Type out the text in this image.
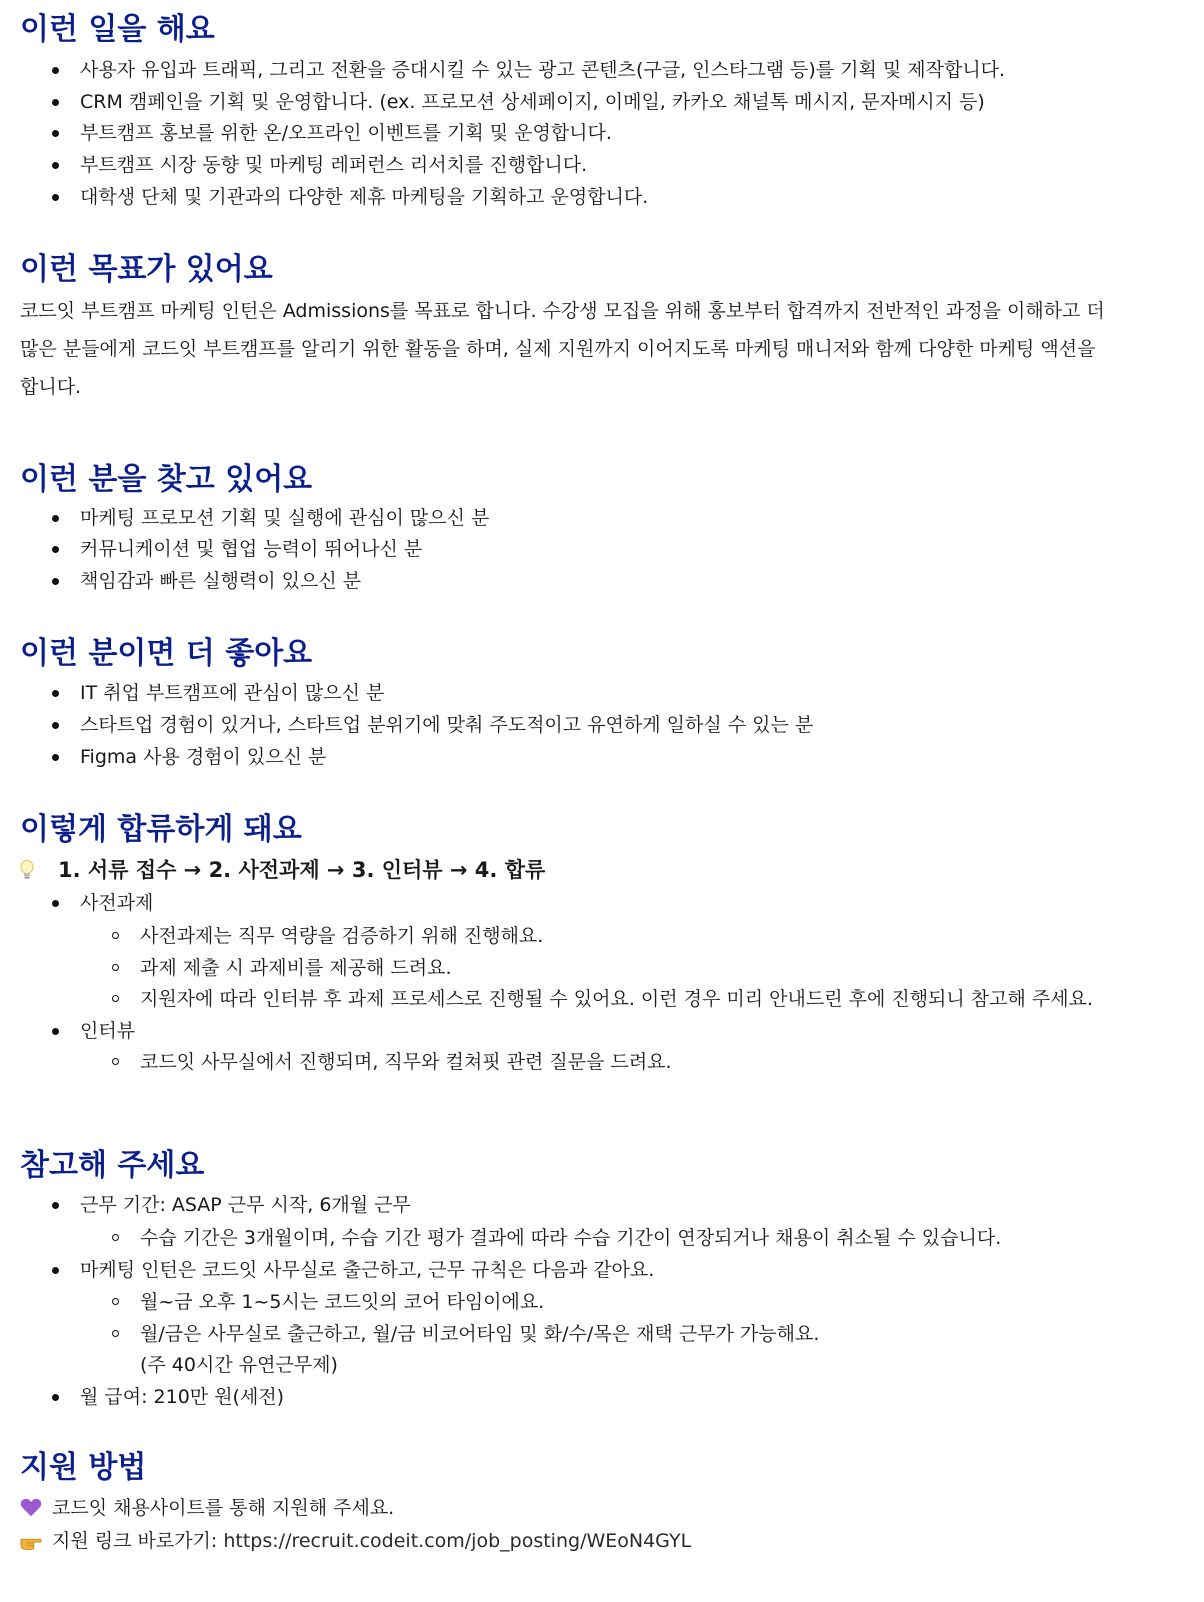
이런 일을 해요
사용자 유입과 트래픽, 그리고 전환을 증대시킬 수 있는 광고 콘텐츠(구글, 인스타그램 등)를 기획 및 제작합니다.
CRM 캠페인을 기획 및 운영합니다. (ex. 프로모션 상세페이지, 이메일, 카카오 채널톡 메시지, 문자메시지 등)
부트캠프 홍보를 위한 온/오프라인 이벤트를 기획 및 운영합니다.
부트캠프 시장 동향 및 마케팅 레퍼런스 리서치를 진행합니다.
대학생 단체 및 기관과의 다양한 제휴 마케팅을 기획하고 운영합니다.
이런 목표가 있어요
코드잇 부트캠프 마케팅 인턴은 Admissions를 목표로 합니다. 수강생 모집을 위해 홍보부터 합격까지 전반적인 과정을 이해하고 더
많은 분들에게 코드잇 부트캠프를 알리기 위한 활동을 하며, 실제 지원까지 이어지도록 마케팅 매니저와 함께 다양한 마케팅 액션을
합니다.
이런 분을 찾고 있어요
마케팅 프로모션 기획 및 실행에 관심이 많으신 분
커뮤니케이션 및 협업 능력이 뛰어나신 분
책임감과 빠른 실행력이 있으신 분
이런 분이면 더 좋아요
IT 취업 부트캠프에 관심이 많으신 분
스타트업 경험이 있거나, 스타트업 분위기에 맞춰 주도적이고 유연하게 일하실 수 있는 분
Figma 사용 경험이 있으신 분
이렇게 합류하게 돼요
1. 서류 접수 → 2. 사전과제 → 3. 인터뷰 → 4. 합류
사전과제
사전과제는 직무 역량을 검증하기 위해 진행해요.
과제 제출 시 과제비를 제공해 드려요.
지원자에 따라 인터뷰 후 과제 프로세스로 진행될 수 있어요. 이런 경우 미리 안내드린 후에 진행되니 참고해 주세요.
인터뷰
코드잇 사무실에서 진행되며, 직무와 컬쳐핏 관련 질문을 드려요.
참고해 주세요
근무 기간: ASAP 근무 시작, 6개월 근무
수습 기간은 3개월이며, 수습 기간 평가 결과에 따라 수습 기간이 연장되거나 채용이 취소될 수 있습니다.
마케팅 인턴은 코드잇 사무실로 출근하고, 근무 규칙은 다음과 같아요.
월~금 오후 1~5시는 코드잇의 코어 타임이에요.
월/금은 사무실로 출근하고, 월/금 비코어타임 및 화/수/목은 재택 근무가 가능해요.
(주 40시간 유연근무제)
월 급여: 210만 원(세전)
지원 방법
코드잇 채용사이트를 통해 지원해 주세요.
지원 링크 바로가기: https://recruit.codeit.com/job_posting/WEoN4GYL
